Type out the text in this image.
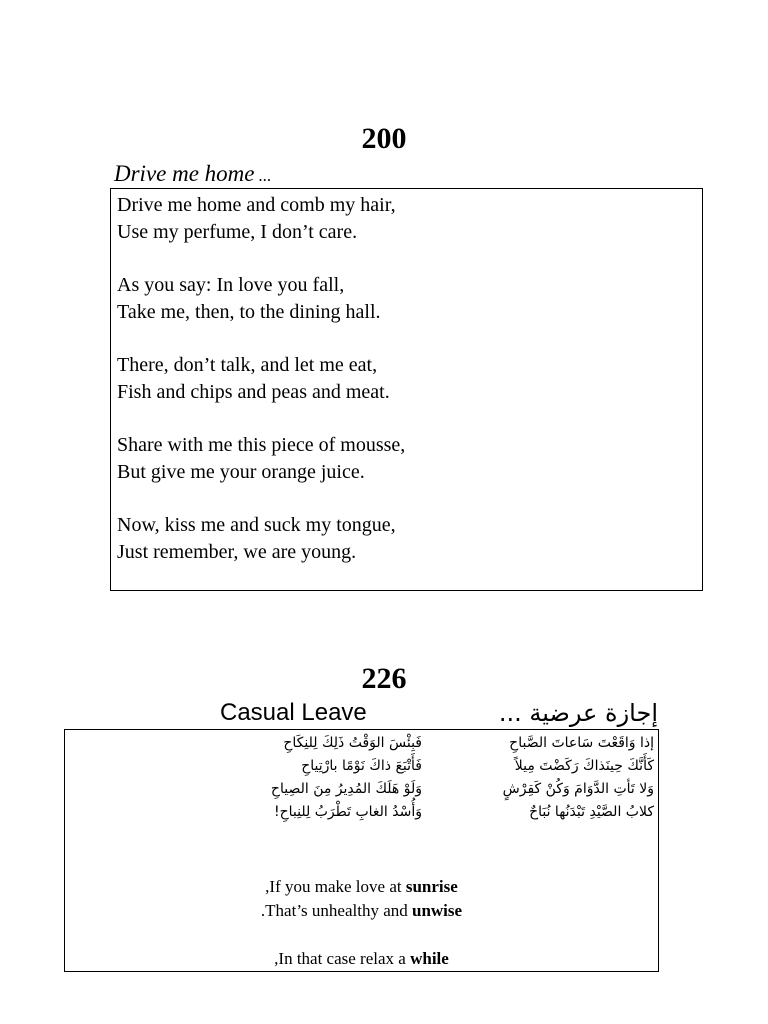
200
Drive me home ...
Drive me home and comb my hair,
Use my perfume, I don’t care.
As you say: In love you fall,
Take me, then, to the dining hall.
There, don’t talk, and let me eat,
Fish and chips and peas and meat.
Share with me this piece of mousse,
But give me your orange juice.
Now, kiss me and suck my tongue,
Just remember, we are young.
226
Casual Leave	إجازة عرضية ...
إذا وَاقَعْتَ سَاعاتَ الصَّباحِ
فَبِئْسَ الوَقْتُ ذَلِكَ لِلنِكَاحِ
كَأَنَّكَ حِينَذاكَ رَكَضْتَ مِيلاً
فَأَتْبَعَ ذاكَ نَوْمًا بارْتِياحِ
وَلا تَأتِ الدَّوَامَ وَكُنْ كَقِرْشٍ
وَلَوْ هَلَكَ المُدِيرُ مِنَ الصِياحِ
كلابُ الصَّيْدِ تَبْدَنُها نُبَاحٌ
وَأُسْدُ الغابِ تَطْرَبُ لِلنِباحِ!
,If you make love at sunrise
.That’s unhealthy and unwise
,In that case relax a while
